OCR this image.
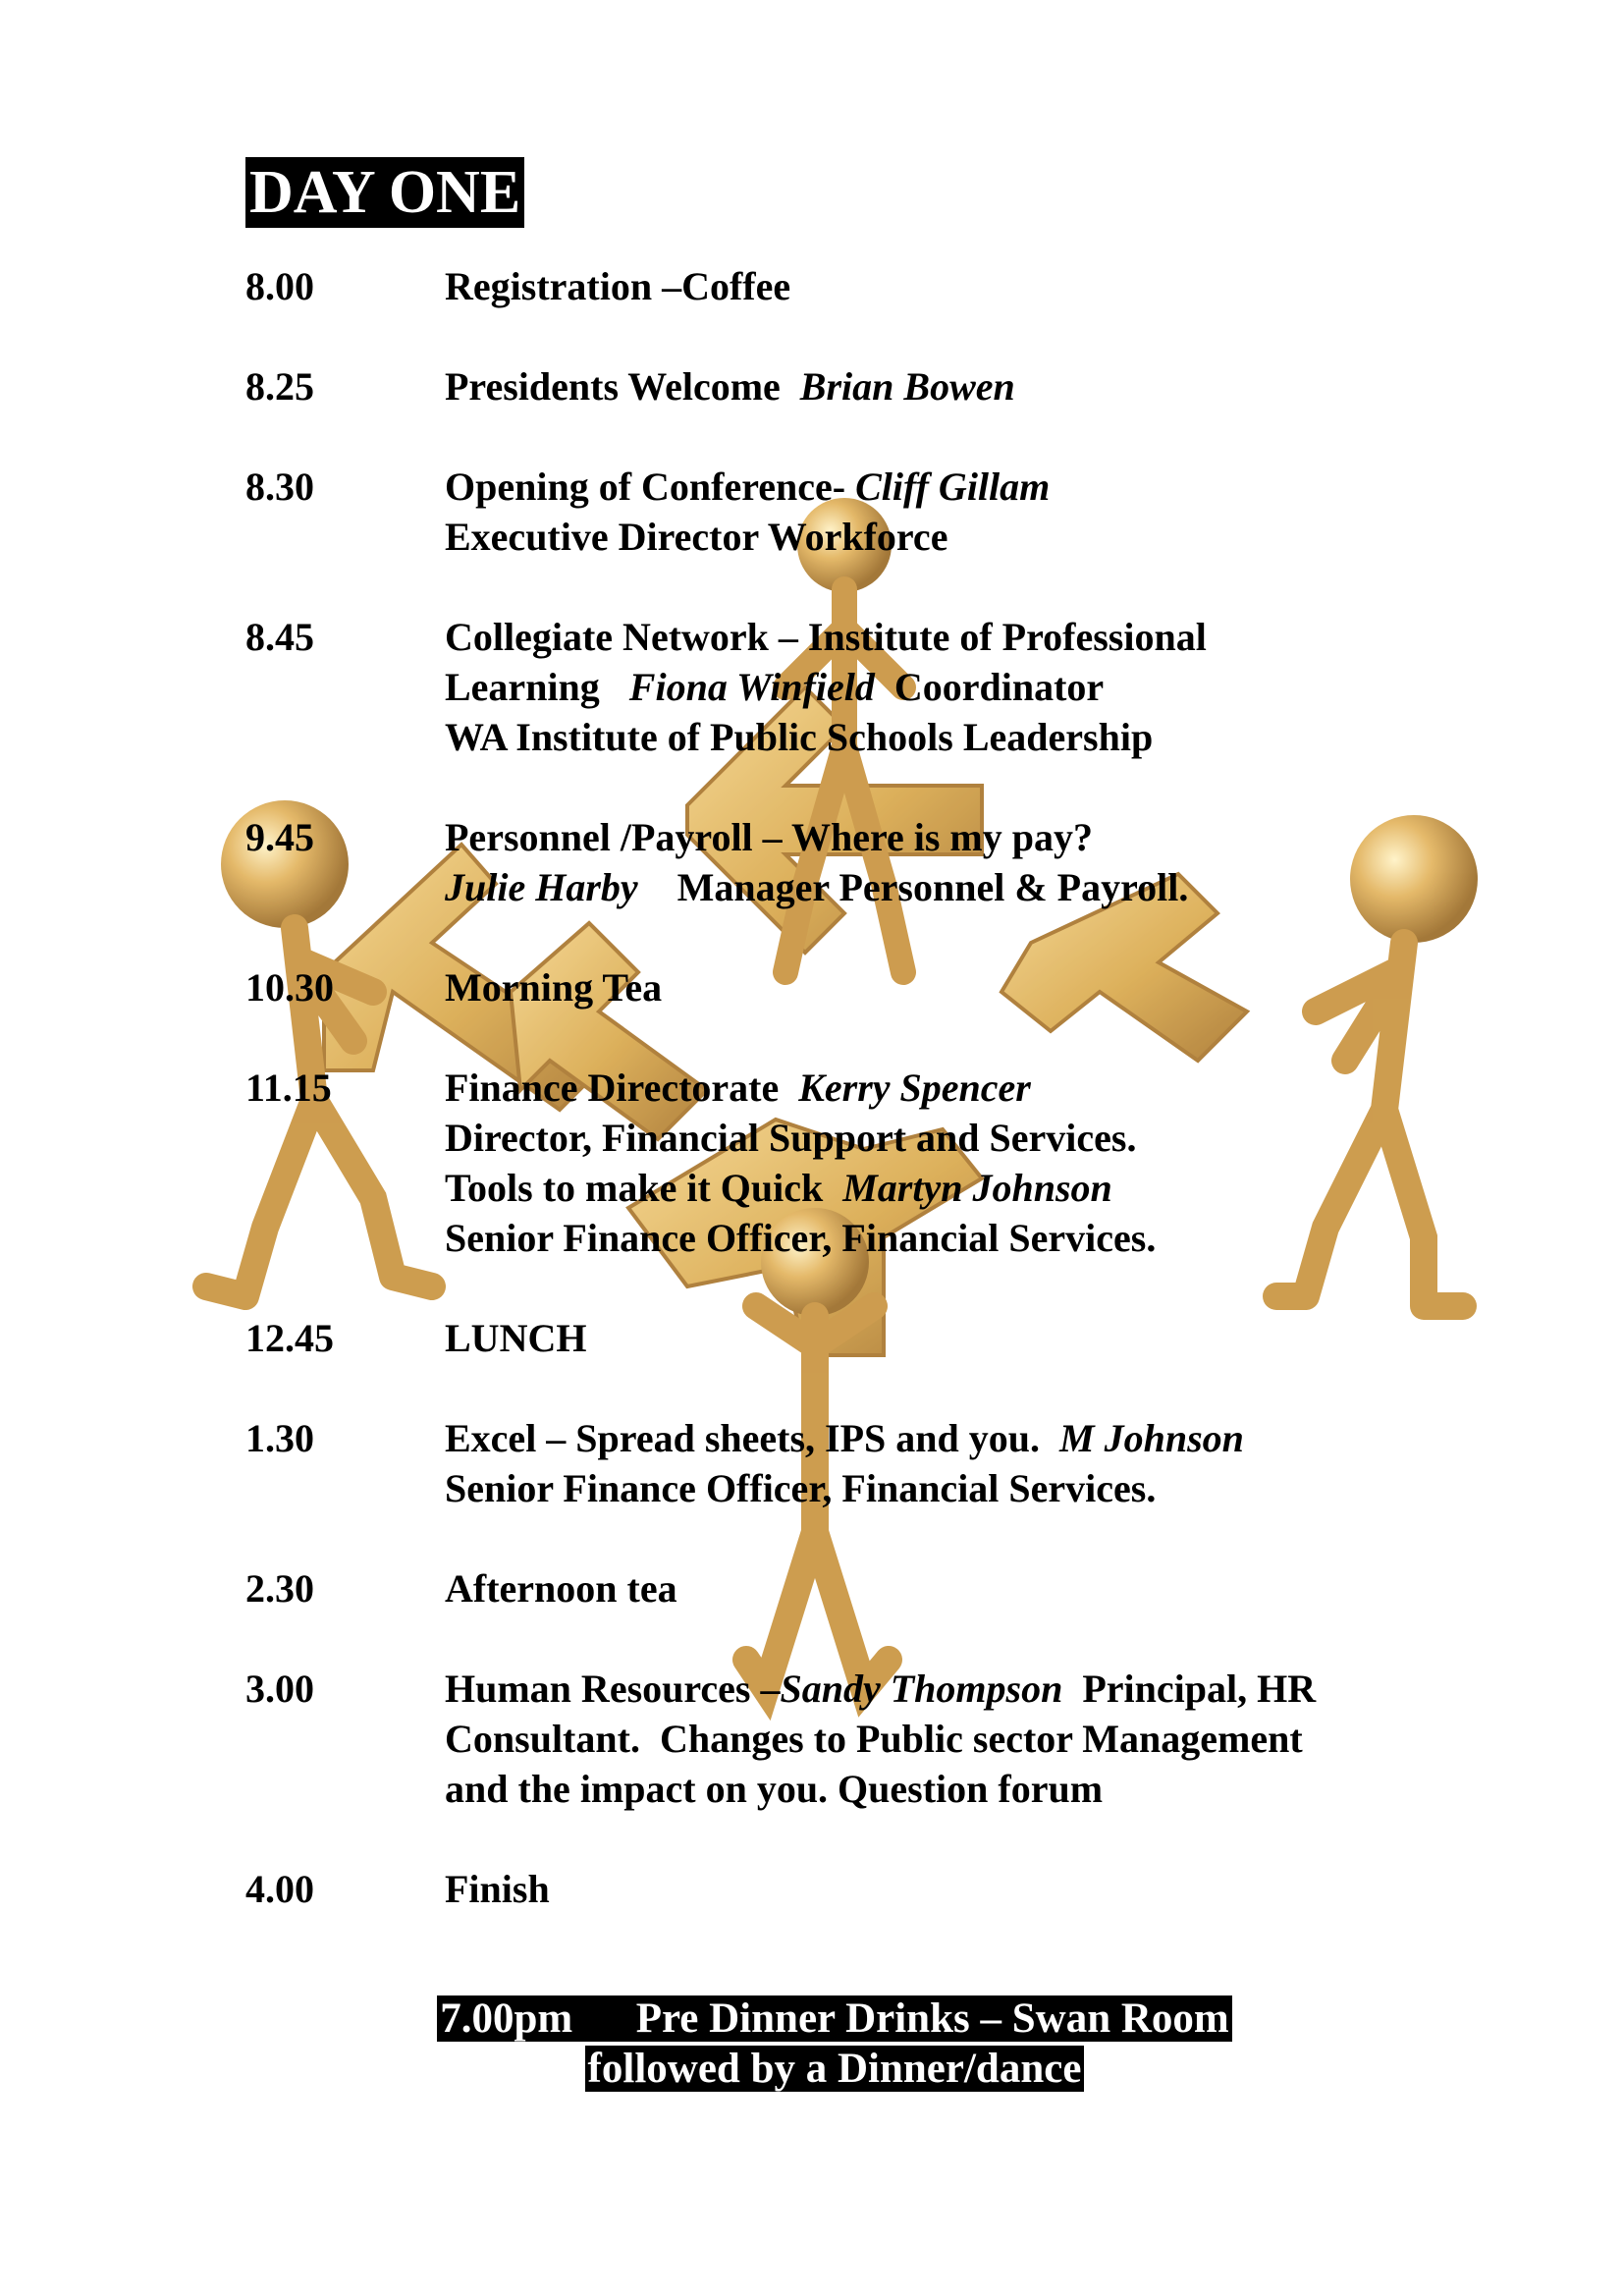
DAY ONE
8.00	Registration –Coffee
8.25	Presidents Welcome  Brian Bowen
8.30	Opening of Conference- Cliff Gillam
Executive Director Workforce
8.45	Collegiate Network – Institute of Professional
Learning   Fiona Winfield  Coordinator
WA Institute of Public Schools Leadership
9.45	Personnel /Payroll – Where is my pay?
Julie Harby    Manager Personnel & Payroll.
10.30	Morning Tea
11.15	Finance Directorate  Kerry Spencer
Director, Financial Support and Services.
Tools to make it Quick  Martyn Johnson
Senior Finance Officer, Financial Services.
12.45	LUNCH
1.30	Excel – Spread sheets, IPS and you.  M Johnson
Senior Finance Officer, Financial Services.
2.30	Afternoon tea
3.00	Human Resources –Sandy Thompson  Principal, HR
Consultant.  Changes to Public sector Management
and the impact on you. Question forum
4.00	Finish
7.00pm      Pre Dinner Drinks – Swan Room
followed by a Dinner/dance
